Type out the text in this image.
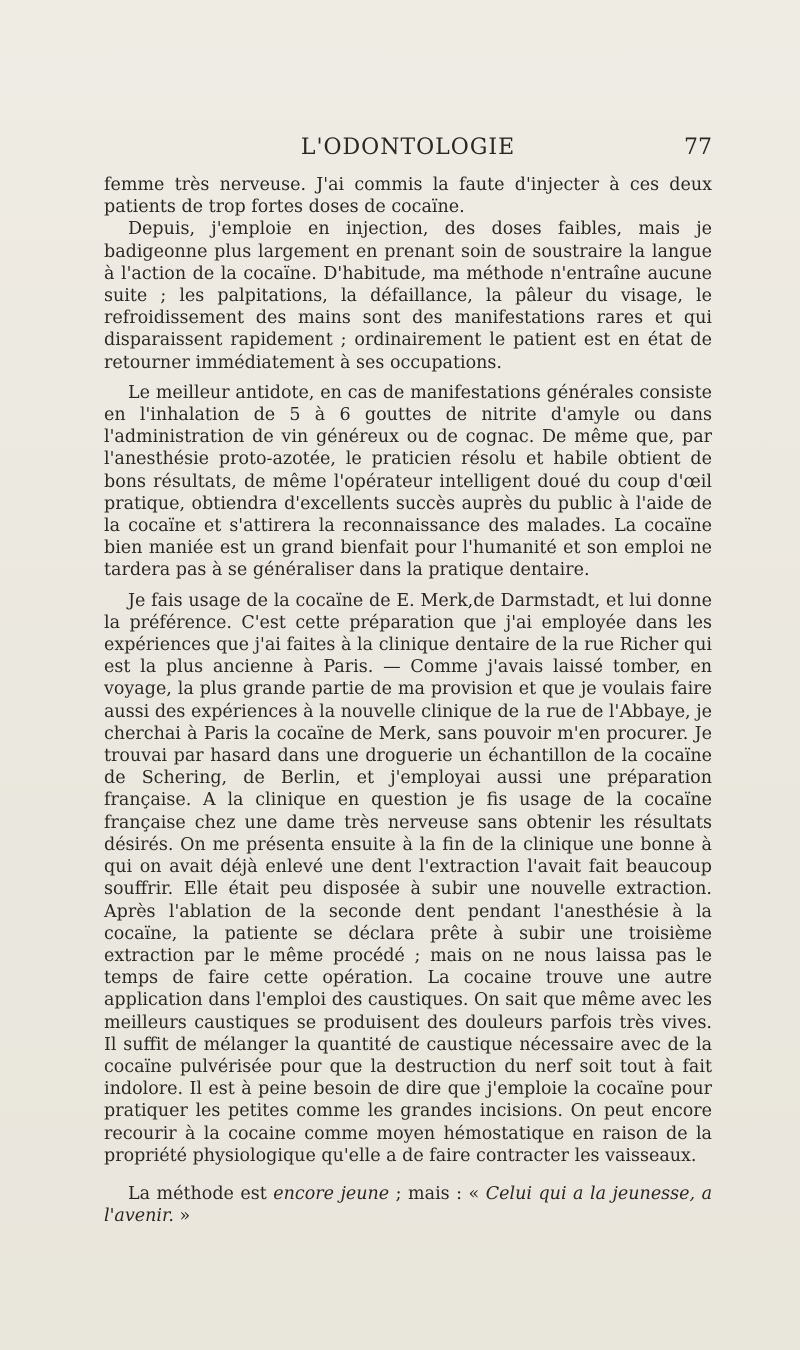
L'ODONTOLOGIE	77

femme très nerveuse. J'ai commis la faute d'injecter à ces deux patients de trop fortes doses de cocaïne.

Depuis, j'emploie en injection, des doses faibles, mais je badigeonne plus largement en prenant soin de soustraire la langue à l'action de la cocaïne. D'habitude, ma méthode n'entraîne aucune suite ; les palpitations, la défaillance, la pâleur du visage, le refroidissement des mains sont des manifestations rares et qui disparaissent rapidement ; ordinairement le patient est en état de retourner immédiatement à ses occupations.

Le meilleur antidote, en cas de manifestations générales consiste en l'inhalation de 5 à 6 gouttes de nitrite d'amyle ou dans l'administration de vin généreux ou de cognac. De même que, par l'anesthésie proto-azotée, le praticien résolu et habile obtient de bons résultats, de même l'opérateur intelligent doué du coup d'œil pratique, obtiendra d'excellents succès auprès du public à l'aide de la cocaïne et s'attirera la reconnaissance des malades. La cocaïne bien maniée est un grand bienfait pour l'humanité et son emploi ne tardera pas à se généraliser dans la pratique dentaire.

Je fais usage de la cocaïne de E. Merk,de Darmstadt, et lui donne la préférence. C'est cette préparation que j'ai employée dans les expériences que j'ai faites à la clinique dentaire de la rue Richer qui est la plus ancienne à Paris. — Comme j'avais laissé tomber, en voyage, la plus grande partie de ma provision et que je voulais faire aussi des expériences à la nouvelle clinique de la rue de l'Abbaye, je cherchai à Paris la cocaïne de Merk, sans pouvoir m'en procurer. Je trouvai par hasard dans une droguerie un échantillon de la cocaïne de Schering, de Berlin, et j'employai aussi une préparation française. A la clinique en question je fis usage de la cocaïne française chez une dame très nerveuse sans obtenir les résultats désirés. On me présenta ensuite à la fin de la clinique une bonne à qui on avait déjà enlevé une dent l'extraction l'avait fait beaucoup souffrir. Elle était peu disposée à subir une nouvelle extraction. Après l'ablation de la seconde dent pendant l'anesthésie à la cocaïne, la patiente se déclara prête à subir une troisième extraction par le même procédé ; mais on ne nous laissa pas le temps de faire cette opération. La cocaine trouve une autre application dans l'emploi des caustiques. On sait que même avec les meilleurs caustiques se produisent des douleurs parfois très vives. Il suffit de mélanger la quantité de caustique nécessaire avec de la cocaïne pulvérisée pour que la destruction du nerf soit tout à fait indolore. Il est à peine besoin de dire que j'emploie la cocaïne pour pratiquer les petites comme les grandes incisions. On peut encore recourir à la cocaine comme moyen hémostatique en raison de la propriété physiologique qu'elle a de faire contracter les vaisseaux.

La méthode est encore jeune ; mais : « Celui qui a la jeunesse, a l'avenir. »
